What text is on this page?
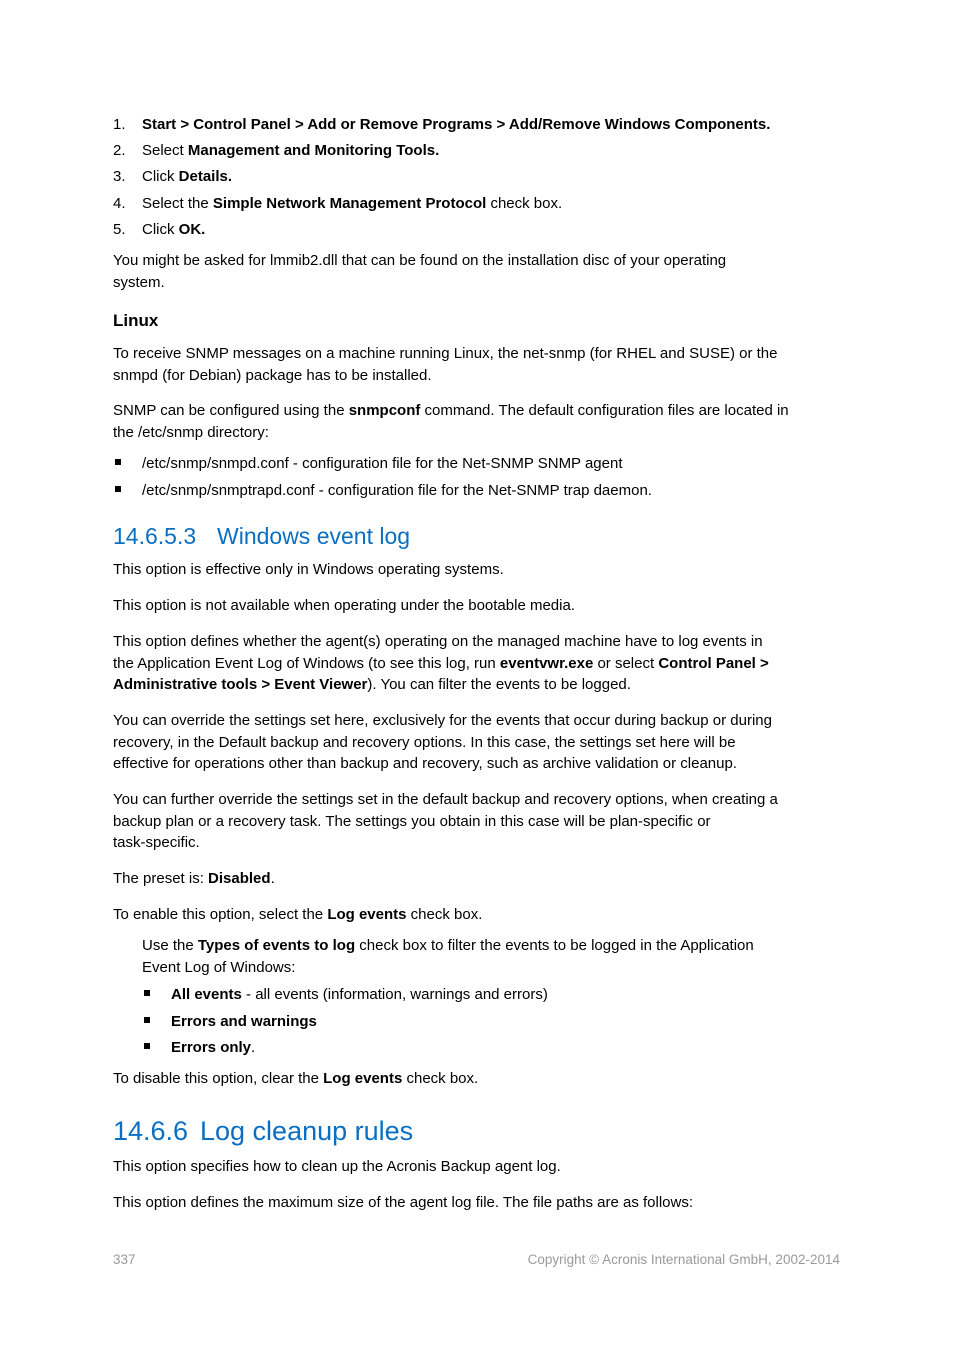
1. Start > Control Panel > Add or Remove Programs > Add/Remove Windows Components.
2. Select Management and Monitoring Tools.
3. Click Details.
4. Select the Simple Network Management Protocol check box.
5. Click OK.
You might be asked for lmmib2.dll that can be found on the installation disc of your operating
system.
Linux
To receive SNMP messages on a machine running Linux, the net-snmp (for RHEL and SUSE) or the
snmpd (for Debian) package has to be installed.
SNMP can be configured using the snmpconf command. The default configuration files are located in
the /etc/snmp directory:
/etc/snmp/snmpd.conf - configuration file for the Net-SNMP SNMP agent
/etc/snmp/snmptrapd.conf - configuration file for the Net-SNMP trap daemon.
14.6.5.3 Windows event log
This option is effective only in Windows operating systems.
This option is not available when operating under the bootable media.
This option defines whether the agent(s) operating on the managed machine have to log events in
the Application Event Log of Windows (to see this log, run eventvwr.exe or select Control Panel >
Administrative tools > Event Viewer). You can filter the events to be logged.
You can override the settings set here, exclusively for the events that occur during backup or during
recovery, in the Default backup and recovery options. In this case, the settings set here will be
effective for operations other than backup and recovery, such as archive validation or cleanup.
You can further override the settings set in the default backup and recovery options, when creating a
backup plan or a recovery task. The settings you obtain in this case will be plan-specific or
task-specific.
The preset is: Disabled.
To enable this option, select the Log events check box.
Use the Types of events to log check box to filter the events to be logged in the Application
Event Log of Windows:
All events - all events (information, warnings and errors)
Errors and warnings
Errors only.
To disable this option, clear the Log events check box.
14.6.6 Log cleanup rules
This option specifies how to clean up the Acronis Backup agent log.
This option defines the maximum size of the agent log file. The file paths are as follows:
337	Copyright © Acronis International GmbH, 2002-2014
